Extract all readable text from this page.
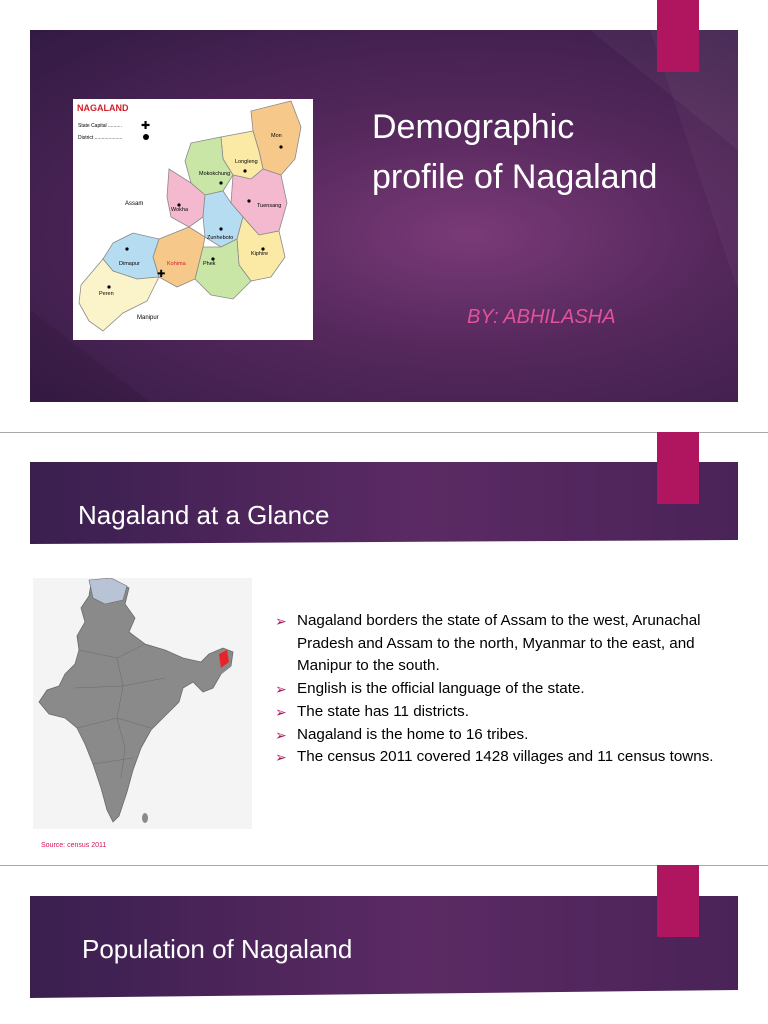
NAGALAND
State Capital .......... ✚
District ....................	Mon
Longleng
Mokokchung
Tuensang
Wokha
Zunheboto
Kiphire
Dimapur	Kohima	Phek
Peren
Assam
Manipur
✚
Demographic
profile of Nagaland
BY: ABHILASHA
Nagaland at a Glance
➢ Nagaland borders the state of Assam to the west, Arunachal Pradesh and Assam to the north, Myanmar to the east, and Manipur to the south.
➢ English is the official language of the state.
➢ The state has 11 districts.
➢ Nagaland is the home to 16 tribes.
➢ The census 2011 covered 1428 villages and 11 census towns.
Source: census 2011
Population of Nagaland
